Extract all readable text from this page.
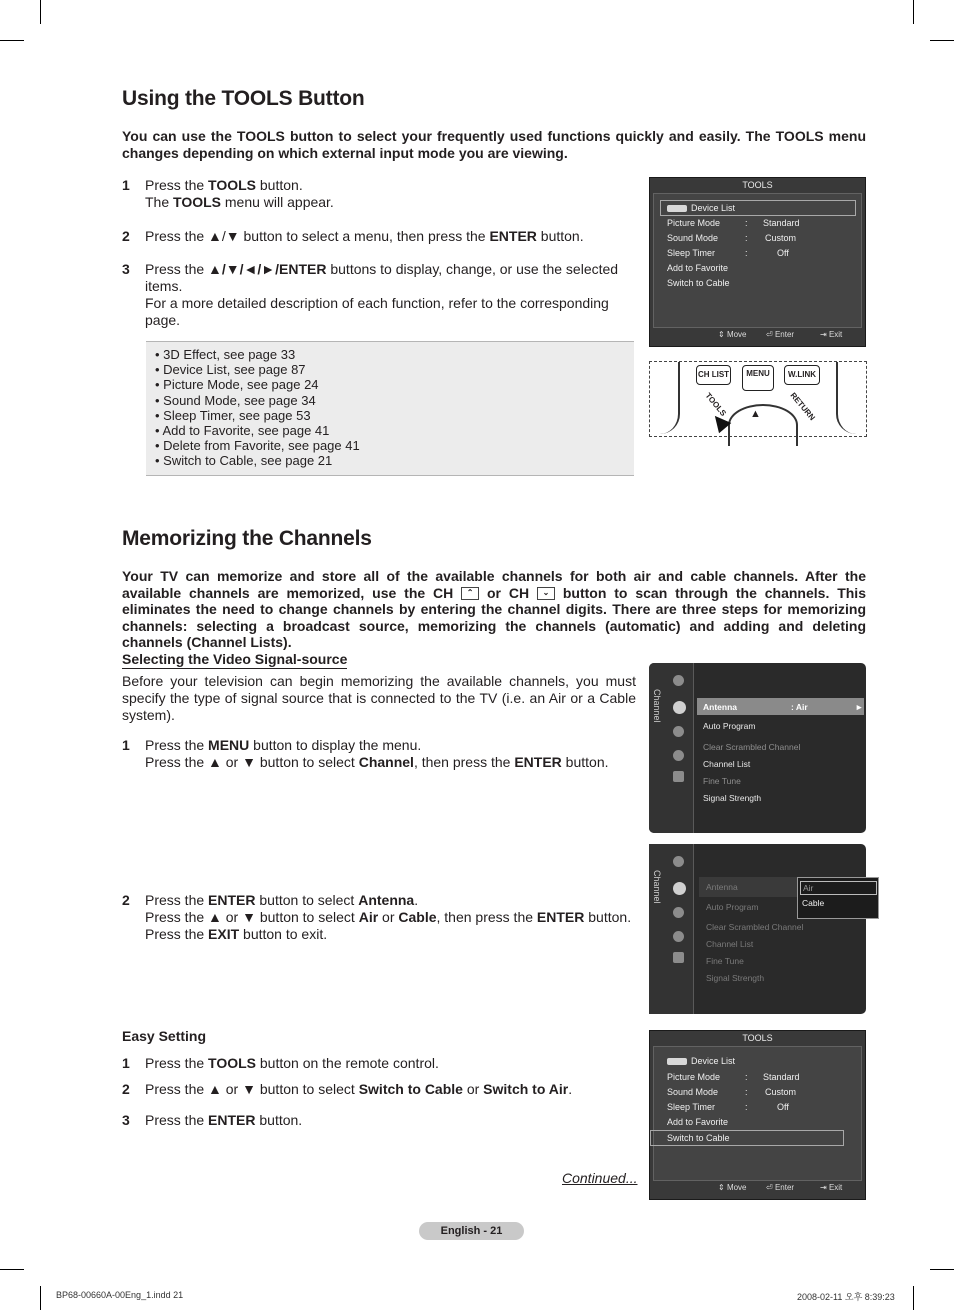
Using the TOOLS Button
You can use the TOOLS button to select your frequently used functions quickly and easily. The TOOLS menu changes depending on which external input mode you are viewing.
1 Press the TOOLS button.
The TOOLS menu will appear.
2 Press the ▲/▼ button to select a menu, then press the ENTER button.
3 Press the ▲/▼/◄/►/ENTER buttons to display, change, or use the selected
items.
For a more detailed description of each function, refer to the corresponding
page.
• 3D Effect, see page 33
• Device List, see page 87
• Picture Mode, see page 24
• Sound Mode, see page 34
• Sleep Timer, see page 53
• Add to Favorite, see page 41
• Delete from Favorite, see page 41
• Switch to Cable, see page 21
TOOLS
Device List
Picture Mode	: Standard
Sound Mode	: Custom
Sleep Timer	:	Off
Add to Favorite
Switch to Cable
⇕ Move ⏎ Enter	⇥ Exit
CH LIST	MENU	W.LINK
TOOLS	RETURN
▲
Memorizing the Channels
Your TV can memorize and store all of the available channels for both air and cable channels. After the available channels are memorized, use the CH ⌃ or CH ⌄ button to scan through the channels. This eliminates the need to change channels by entering the channel digits. There are three steps for memorizing channels: selecting a broadcast source, memorizing the channels (automatic) and adding and deleting channels (Channel Lists).
Selecting the Video Signal-source
Before your television can begin memorizing the available channels, you must specify the type of signal source that is connected to the TV (i.e. an Air or a Cable system).
1 Press the MENU button to display the menu.
Press the ▲ or ▼ button to select Channel, then press the ENTER button.
2 Press the ENTER button to select Antenna.
Press the ▲ or ▼ button to select Air or Cable, then press the ENTER button.
Press the EXIT button to exit.
Easy Setting
1 Press the TOOLS button on the remote control.
2 Press the ▲ or ▼ button to select Switch to Cable or Switch to Air.
3 Press the ENTER button.
Continued...
Channel	Antenna	: Air	►
Auto Program
Clear Scrambled Channel
Channel List
Fine Tune
Signal Strength
Channel	Antenna
Auto Program
Clear Scrambled Channel
Channel List
Fine Tune
Signal Strength
Air
Cable
TOOLS
Device List
Picture Mode	: Standard
Sound Mode	: Custom
Sleep Timer	:	Off
Add to Favorite
Switch to Cable
⇕ Move ⏎ Enter	⇥ Exit
English - 21
BP68-00660A-00Eng_1.indd 21	2008-02-11 오후 8:39:23
